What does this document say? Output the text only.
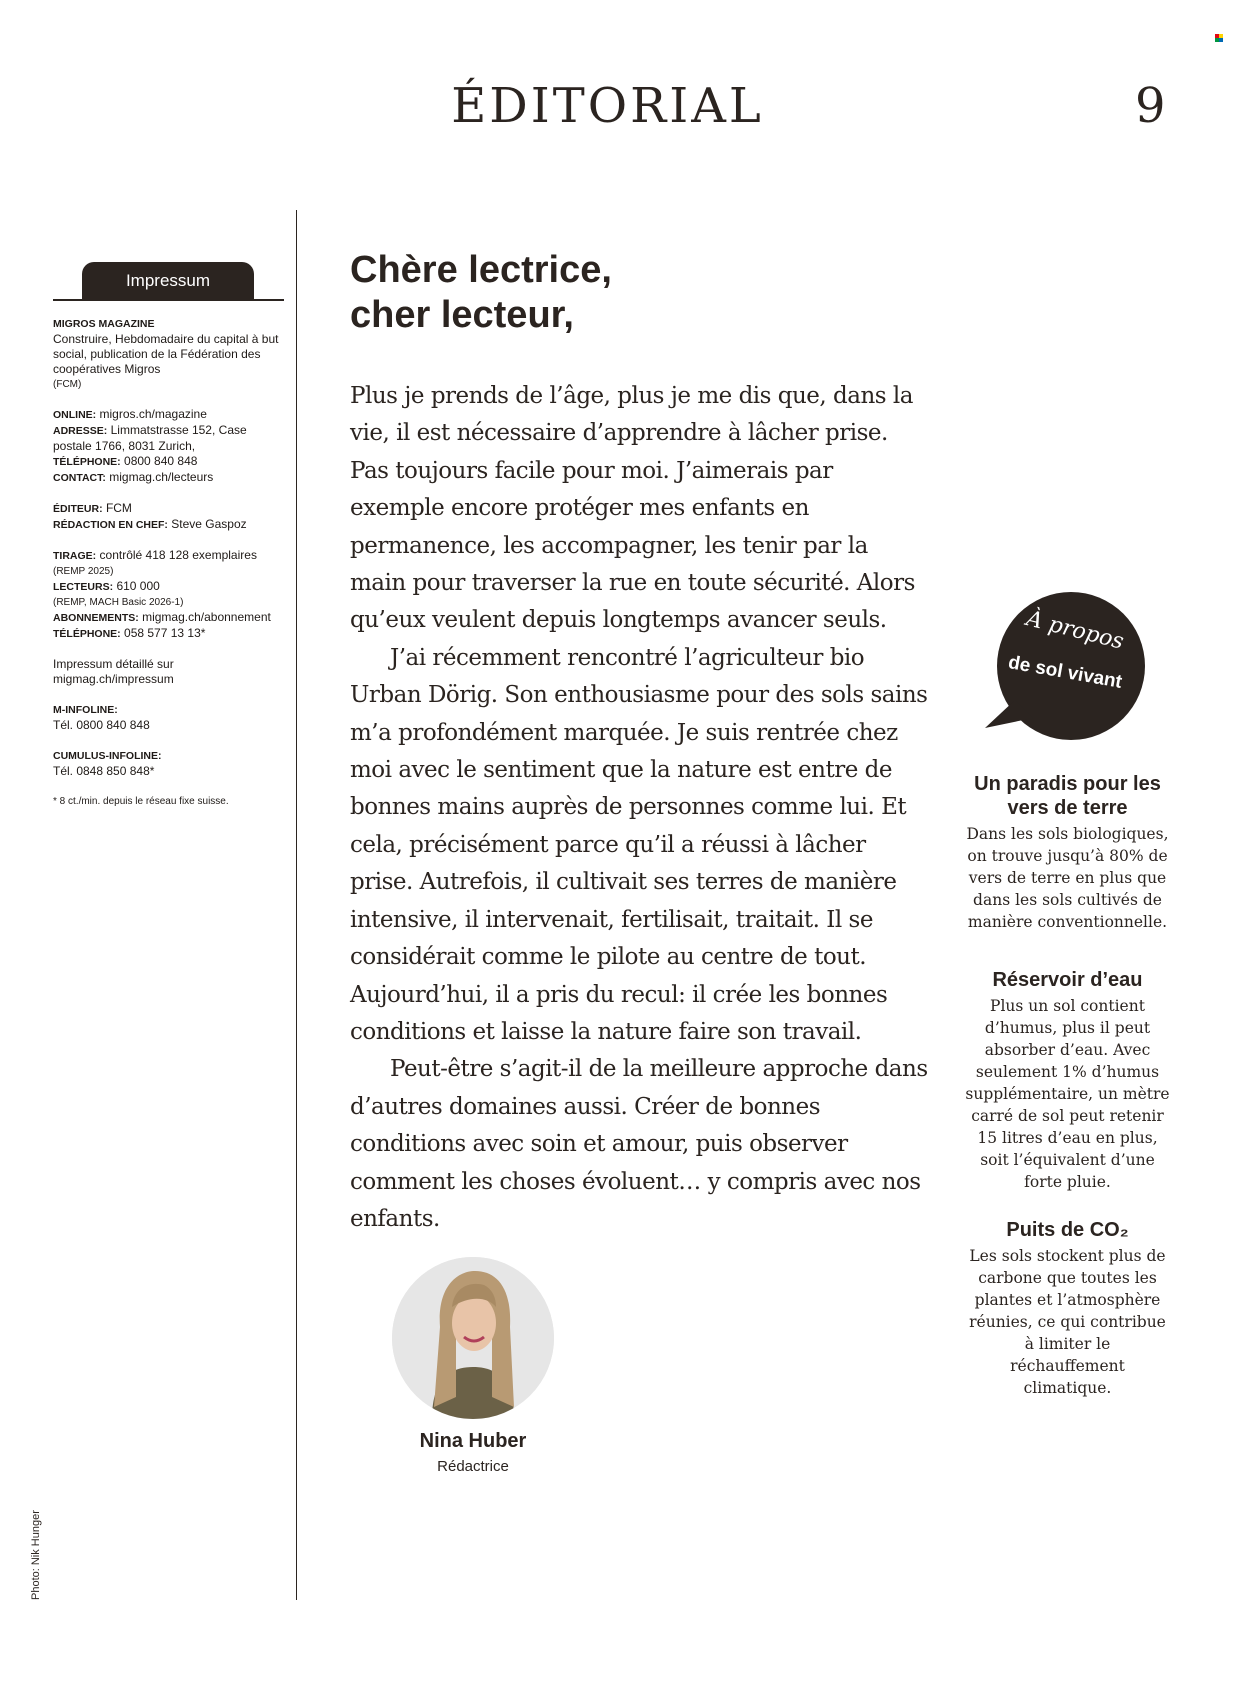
ÉDITORIAL	9
Impressum

MIGROS MAGAZINE

Construire, Hebdomadaire du capital à but social, publication de la Fédération des coopératives Migros

(FCM)

ONLINE: migros.ch/magazine

ADRESSE: Limmatstrasse 152, Case postale 1766, 8031 Zurich,

TÉLÉPHONE: 0800 840 848

CONTACT: migmag.ch/lecteurs

ÉDITEUR: FCM

RÉDACTION EN CHEF: Steve Gaspoz

TIRAGE: contrôlé 418 128 exemplaires

(REMP 2025)

LECTEURS: 610 000

(REMP, MACH Basic 2026-1)

ABONNEMENTS: migmag.ch/abonnement

TÉLÉPHONE: 058 577 13 13*

Impressum détaillé sur migmag.ch/impressum

M-INFOLINE:

Tél. 0800 840 848

CUMULUS-INFOLINE:

Tél. 0848 850 848*

* 8 ct./min. depuis le réseau fixe suisse.

Chère lectrice,
cher lecteur,

Plus je prends de l’âge, plus je me dis que, dans la vie, il est nécessaire d’apprendre à lâcher prise. Pas toujours facile pour moi. J’aimerais par exemple encore protéger mes enfants en permanence, les accompagner, les tenir par la main pour traverser la rue en toute sécurité. Alors qu’eux veulent depuis longtemps avancer seuls.

J’ai récemment rencontré l’agriculteur bio Urban Dörig. Son enthousiasme pour des sols sains m’a profondément marquée. Je suis rentrée chez moi avec le sentiment que la nature est entre de bonnes mains auprès de personnes comme lui. Et cela, précisément parce qu’il a réussi à lâcher prise. Autrefois, il cultivait ses terres de manière intensive, il intervenait, fertilisait, traitait. Il se considérait comme le pilote au centre de tout. Aujourd’hui, il a pris du recul: il crée les bonnes conditions et laisse la nature faire son travail.

Peut-être s’agit-il de la meilleure approche dans d’autres domaines aussi. Créer de bonnes conditions avec soin et amour, puis observer comment les choses évoluent… y compris avec nos enfants.

Nina Huber
Rédactrice
Photo: Nik Hunger
À propos
de sol vivant
Un paradis pour les vers de terre

Dans les sols biologiques, on trouve jusqu’à 80% de vers de terre en plus que dans les sols cultivés de manière conventionnelle.

Réservoir d’eau

Plus un sol contient d’humus, plus il peut absorber d’eau. Avec seulement 1% d’humus supplémentaire, un mètre carré de sol peut retenir 15 litres d’eau en plus, soit l’équivalent d’une forte pluie.

Puits de CO₂

Les sols stockent plus de carbone que toutes les plantes et l’atmosphère réunies, ce qui contribue à limiter le réchauffement climatique.
